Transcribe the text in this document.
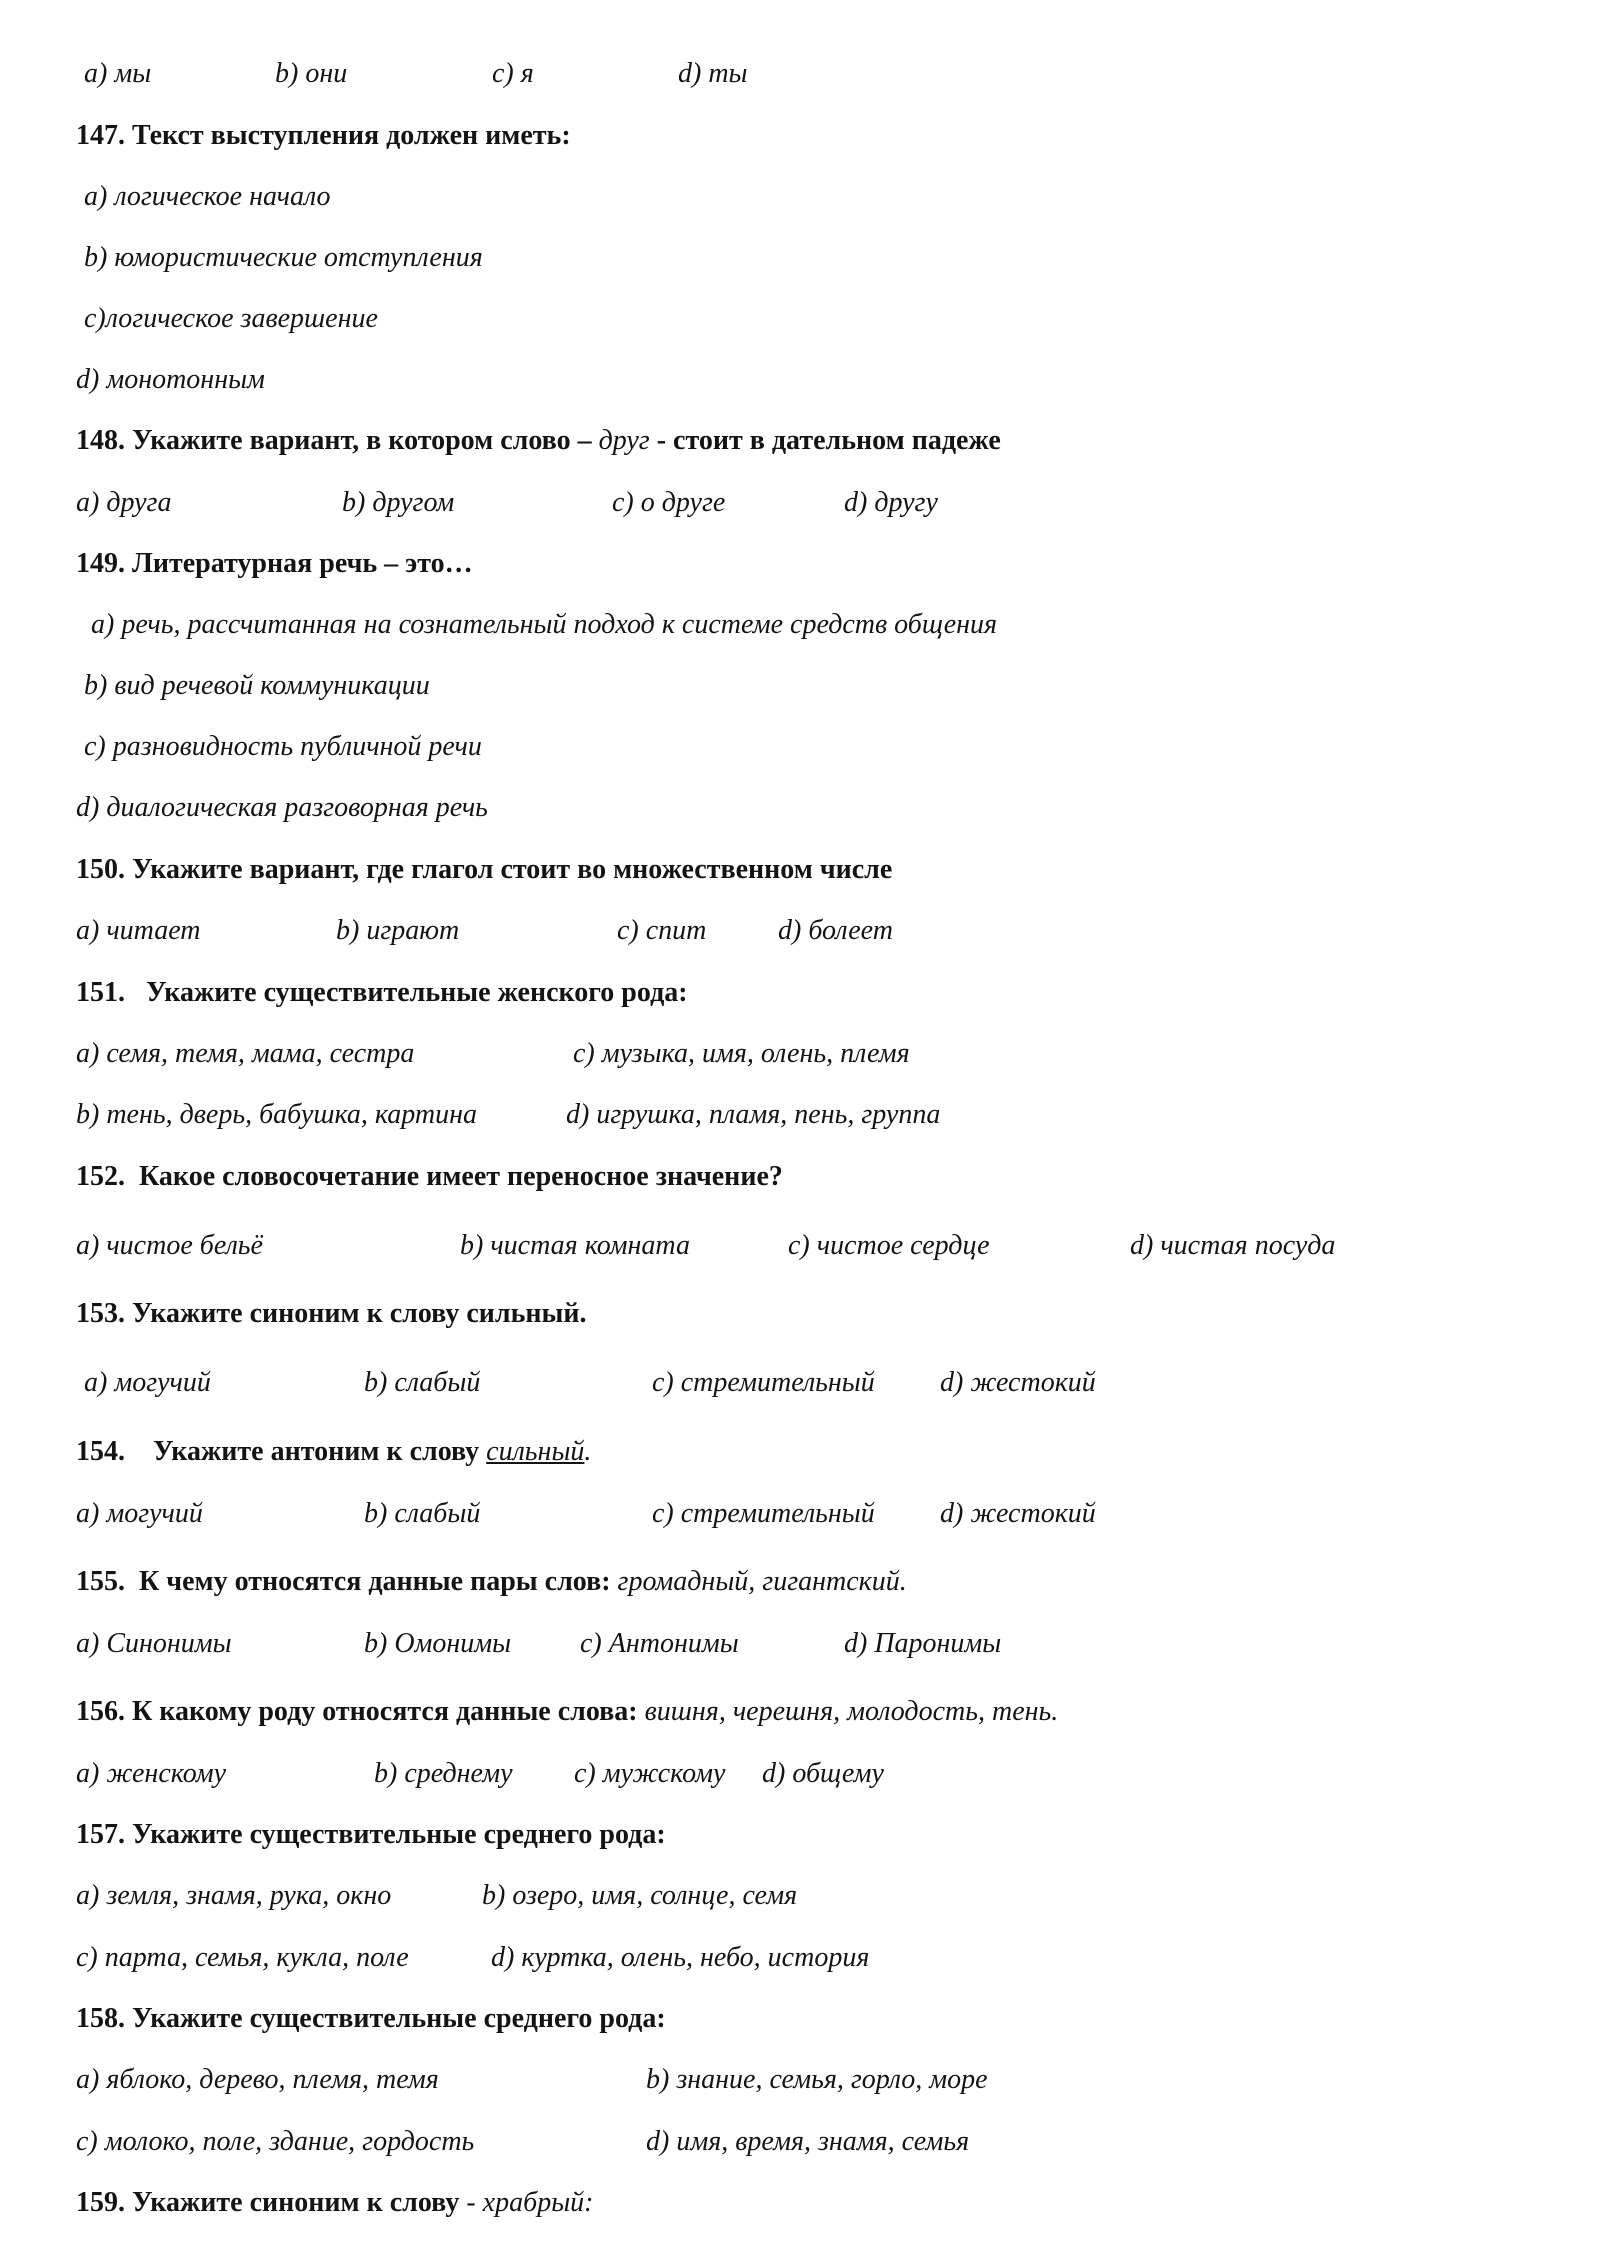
a) мы	b) они	c) я	d) ты
147. Текст выступления должен иметь:
a) логическое начало
b) юмористические отступления
c)логическое завершение
d) монотонным
148. Укажите вариант, в котором слово – друг - стоит в дательном падеже
a) друга	b) другом	c) о друге	d) другу
149. Литературная речь – это…
a) речь, рассчитанная на сознательный подход к системе средств общения
b) вид речевой коммуникации
c) разновидность публичной речи
d) диалогическая разговорная речь
150. Укажите вариант, где глагол стоит во множественном числе
a) читает	b) играют	c) спит	d) болеет
151.   Укажите существительные женского рода:
a) семя, темя, мама, сестра	c) музыка, имя, олень, племя
b) тень, дверь, бабушка, картина	d) игрушка, пламя, пень, группа
152.  Какое словосочетание имеет переносное значение?
a) чистое бельё	b) чистая комната	c) чистое сердце	d) чистая посуда
153. Укажите синоним к слову сильный.
a) могучий	b) слабый	c) стремительный d) жестокий
154.    Укажите антоним к слову сильный.
a) могучий	b) слабый	c) стремительный d) жестокий
155.  К чему относятся данные пары слов: громадный, гигантский.
a) Синонимы	b) Омонимы c) Антонимы	d) Паронимы
156. К какому роду относятся данные слова: вишня, черешня, молодость, тень.
a) женскому	b) среднему c) мужскому d) общему
157. Укажите существительные среднего рода:
a) земля, знамя, рука, окно	b) озеро, имя, солнце, семя
c) парта, семья, кукла, поле	d) куртка, олень, небо, история
158. Укажите существительные среднего рода:
a) яблоко, дерево, племя, темя	b) знание, семья, горло, море
c) молоко, поле, здание, гордость	d) имя, время, знамя, семья
159. Укажите синоним к слову - храбрый:
